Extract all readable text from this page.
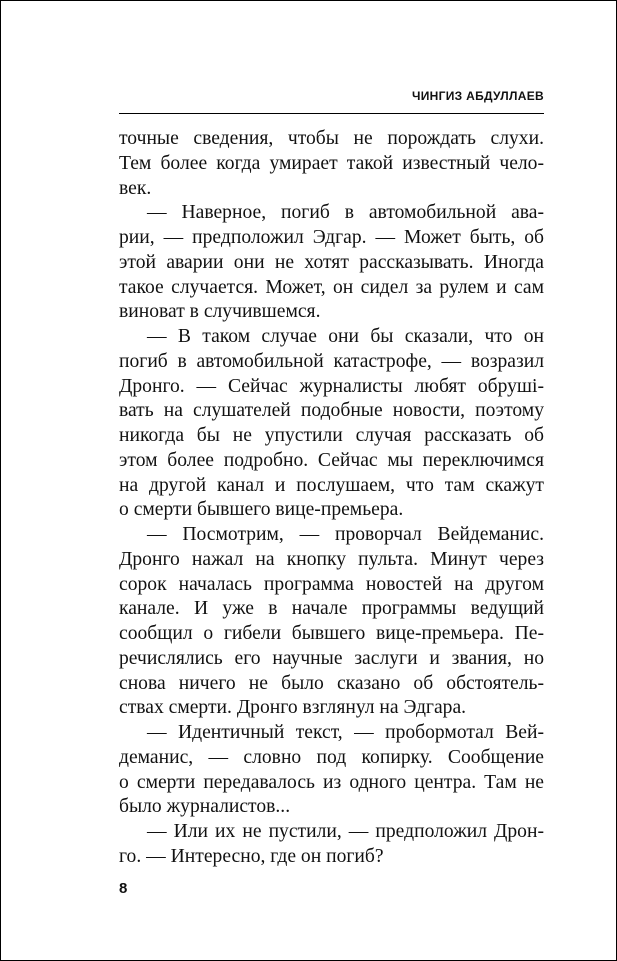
ЧИНГИЗ АБДУЛЛАЕВ
точные сведения, чтобы не порождать слухи.
Тем более когда умирает такой известный чело-
век.
— Наверное, погиб в автомобильной ава-
рии, — предположил Эдгар. — Может быть, об
этой аварии они не хотят рассказывать. Иногда
такое случается. Может, он сидел за рулем и сам
виноват в случившемся.
— В таком случае они бы сказали, что он
погиб в автомобильной катастрофе, — возразил
Дронго. — Сейчас журналисты любят обрушi-
вать на слушателей подобные новости, поэтому
никогда бы не упустили случая рассказать об
этом более подробно. Сейчас мы переключимся
на другой канал и послушаем, что там скажут
о смерти бывшего вице-премьера.
— Посмотрим, — проворчал Вейдеманис.
Дронго нажал на кнопку пульта. Минут через
сорок началась программа новостей на другом
канале. И уже в начале программы ведущий
сообщил о гибели бывшего вице-премьера. Пе-
речислялись его научные заслуги и звания, но
снова ничего не было сказано об обстоятель-
ствах смерти. Дронго взглянул на Эдгара.
— Идентичный текст, — пробормотал Вей-
деманис, — словно под копирку. Сообщение
о смерти передавалось из одного центра. Там не
было журналистов...
— Или их не пустили, — предположил Дрон-
го. — Интересно, где он погиб?
8
